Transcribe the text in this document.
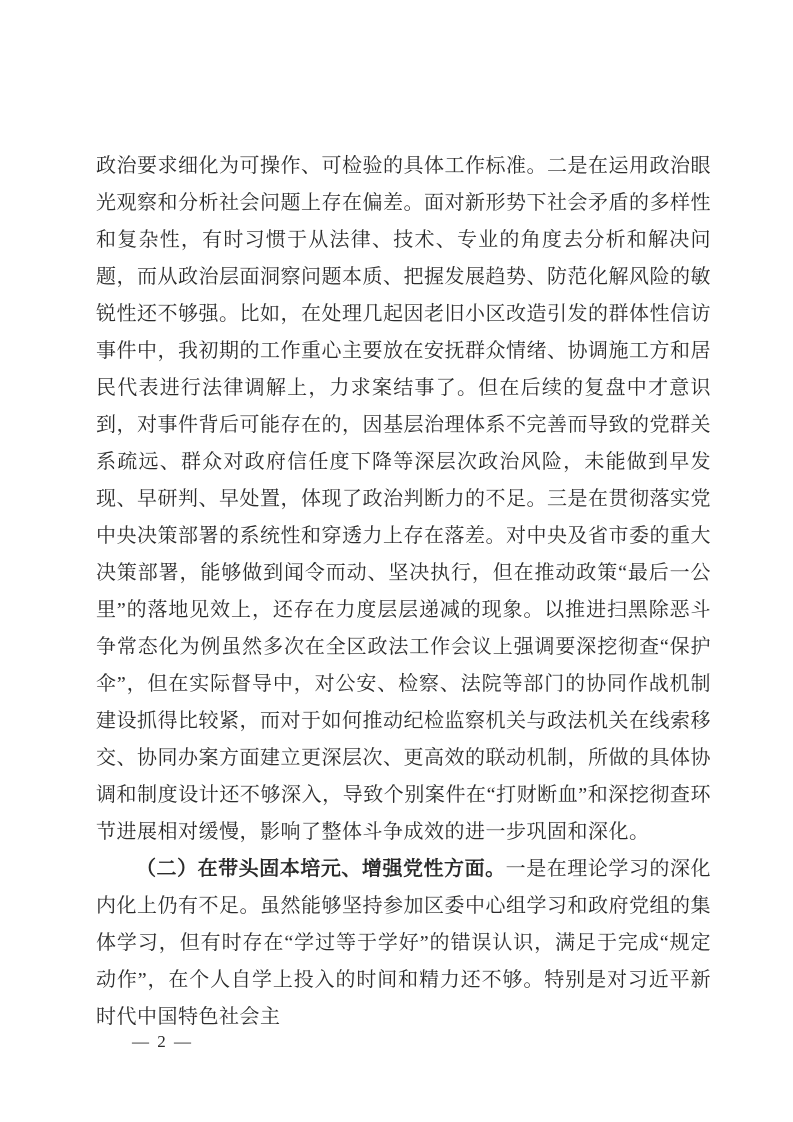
政治要求细化为可操作、可检验的具体工作标准。二是在运用政治眼光观察和分析社会问题上存在偏差。面对新形势下社会矛盾的多样性和复杂性，有时习惯于从法律、技术、专业的角度去分析和解决问题，而从政治层面洞察问题本质、把握发展趋势、防范化解风险的敏锐性还不够强。比如，在处理几起因老旧小区改造引发的群体性信访事件中，我初期的工作重心主要放在安抚群众情绪、协调施工方和居民代表进行法律调解上，力求案结事了。但在后续的复盘中才意识到，对事件背后可能存在的，因基层治理体系不完善而导致的党群关系疏远、群众对政府信任度下降等深层次政治风险，未能做到早发现、早研判、早处置，体现了政治判断力的不足。三是在贯彻落实党中央决策部署的系统性和穿透力上存在落差。对中央及省市委的重大决策部署，能够做到闻令而动、坚决执行，但在推动政策“最后一公里”的落地见效上，还存在力度层层递减的现象。以推进扫黑除恶斗争常态化为例虽然多次在全区政法工作会议上强调要深挖彻查“保护伞”，但在实际督导中，对公安、检察、法院等部门的协同作战机制建设抓得比较紧，而对于如何推动纪检监察机关与政法机关在线索移交、协同办案方面建立更深层次、更高效的联动机制，所做的具体协调和制度设计还不够深入，导致个别案件在“打财断血”和深挖彻查环节进展相对缓慢，影响了整体斗争成效的进一步巩固和深化。

（二）在带头固本培元、增强党性方面。一是在理论学习的深化内化上仍有不足。虽然能够坚持参加区委中心组学习和政府党组的集体学习，但有时存在“学过等于学好”的错误认识，满足于完成“规定动作”，在个人自学上投入的时间和精力还不够。特别是对习近平新时代中国特色社会主

— 2 —
